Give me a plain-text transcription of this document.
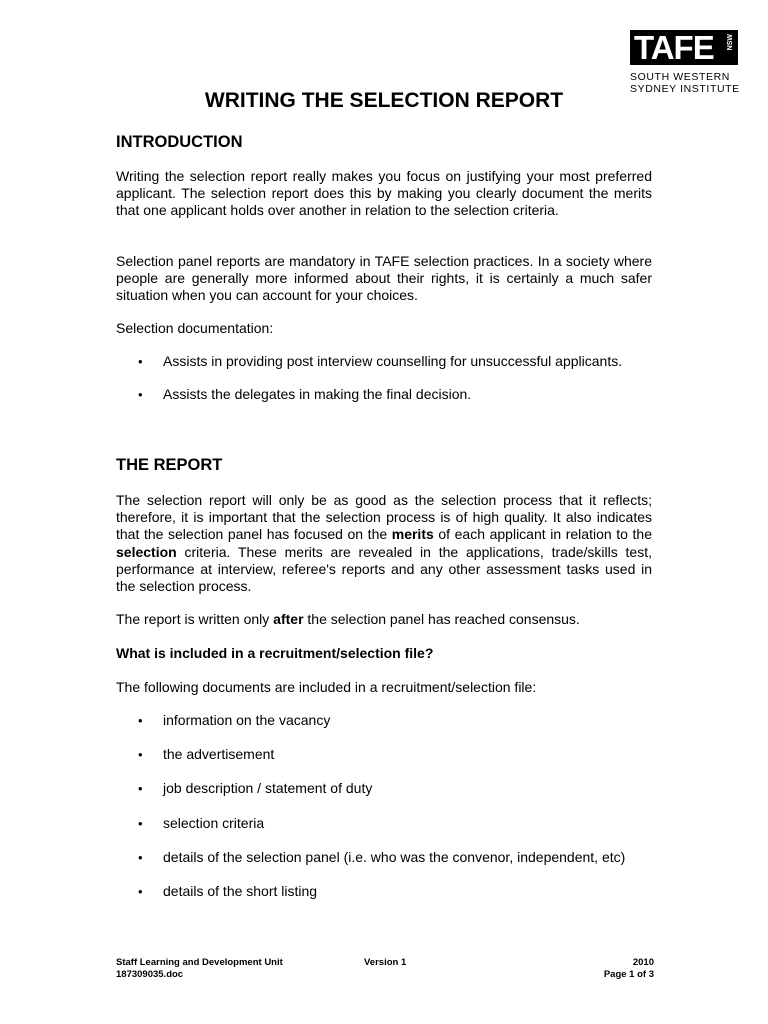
TAFE NSW
SOUTH WESTERN
SYDNEY INSTITUTE
WRITING THE SELECTION REPORT
INTRODUCTION

Writing the selection report really makes you focus on justifying your most preferred applicant. The selection report does this by making you clearly document the merits that one applicant holds over another in relation to the selection criteria.

Selection panel reports are mandatory in TAFE selection practices. In a society where people are generally more informed about their rights, it is certainly a much safer situation when you can account for your choices.

Selection documentation:

• Assists in providing post interview counselling for unsuccessful applicants.
• Assists the delegates in making the final decision.
THE REPORT

The selection report will only be as good as the selection process that it reflects; therefore, it is important that the selection process is of high quality. It also indicates that the selection panel has focused on the merits of each applicant in relation to the selection criteria. These merits are revealed in the applications, trade/skills test, performance at interview, referee's reports and any other assessment tasks used in the selection process.

The report is written only after the selection panel has reached consensus.

What is included in a recruitment/selection file?

The following documents are included in a recruitment/selection file:

• information on the vacancy
• the advertisement
• job description / statement of duty
• selection criteria
• details of the selection panel (i.e. who was the convenor, independent, etc)
• details of the short listing
Staff Learning and Development Unit
187309035.doc
Version 1	2010
Page 1 of 3
